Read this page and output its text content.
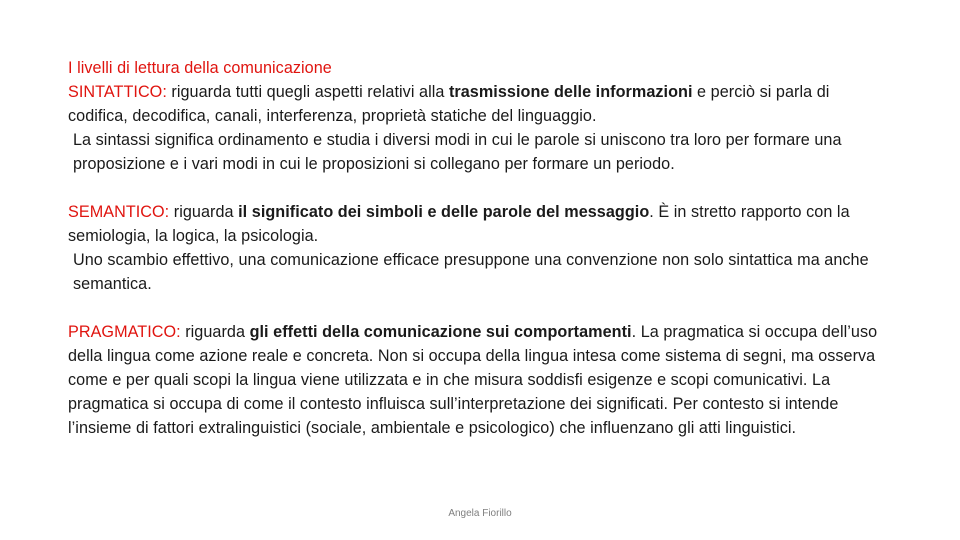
I livelli di lettura della comunicazione

SINTATTICO: riguarda tutti quegli aspetti relativi alla trasmissione delle informazioni e perciò si parla di codifica, decodifica, canali, interferenza, proprietà statiche del linguaggio.

La sintassi significa ordinamento e studia i diversi modi in cui le parole si uniscono tra loro per formare una proposizione e i vari modi in cui le proposizioni si collegano per formare un periodo.

SEMANTICO: riguarda il significato dei simboli e delle parole del messaggio. È in stretto rapporto con la semiologia, la logica, la psicologia.

Uno scambio effettivo, una comunicazione efficace presuppone una convenzione non solo sintattica ma anche semantica.

PRAGMATICO: riguarda gli effetti della comunicazione sui comportamenti. La pragmatica si occupa dell’uso della lingua come azione reale e concreta. Non si occupa della lingua intesa come sistema di segni, ma osserva come e per quali scopi la lingua viene utilizzata e in che misura soddisfi esigenze e scopi comunicativi. La pragmatica si occupa di come il contesto influisca sull’interpretazione dei significati. Per contesto si intende l’insieme di fattori extralinguistici (sociale, ambientale e psicologico) che influenzano gli atti linguistici.

Angela Fiorillo
